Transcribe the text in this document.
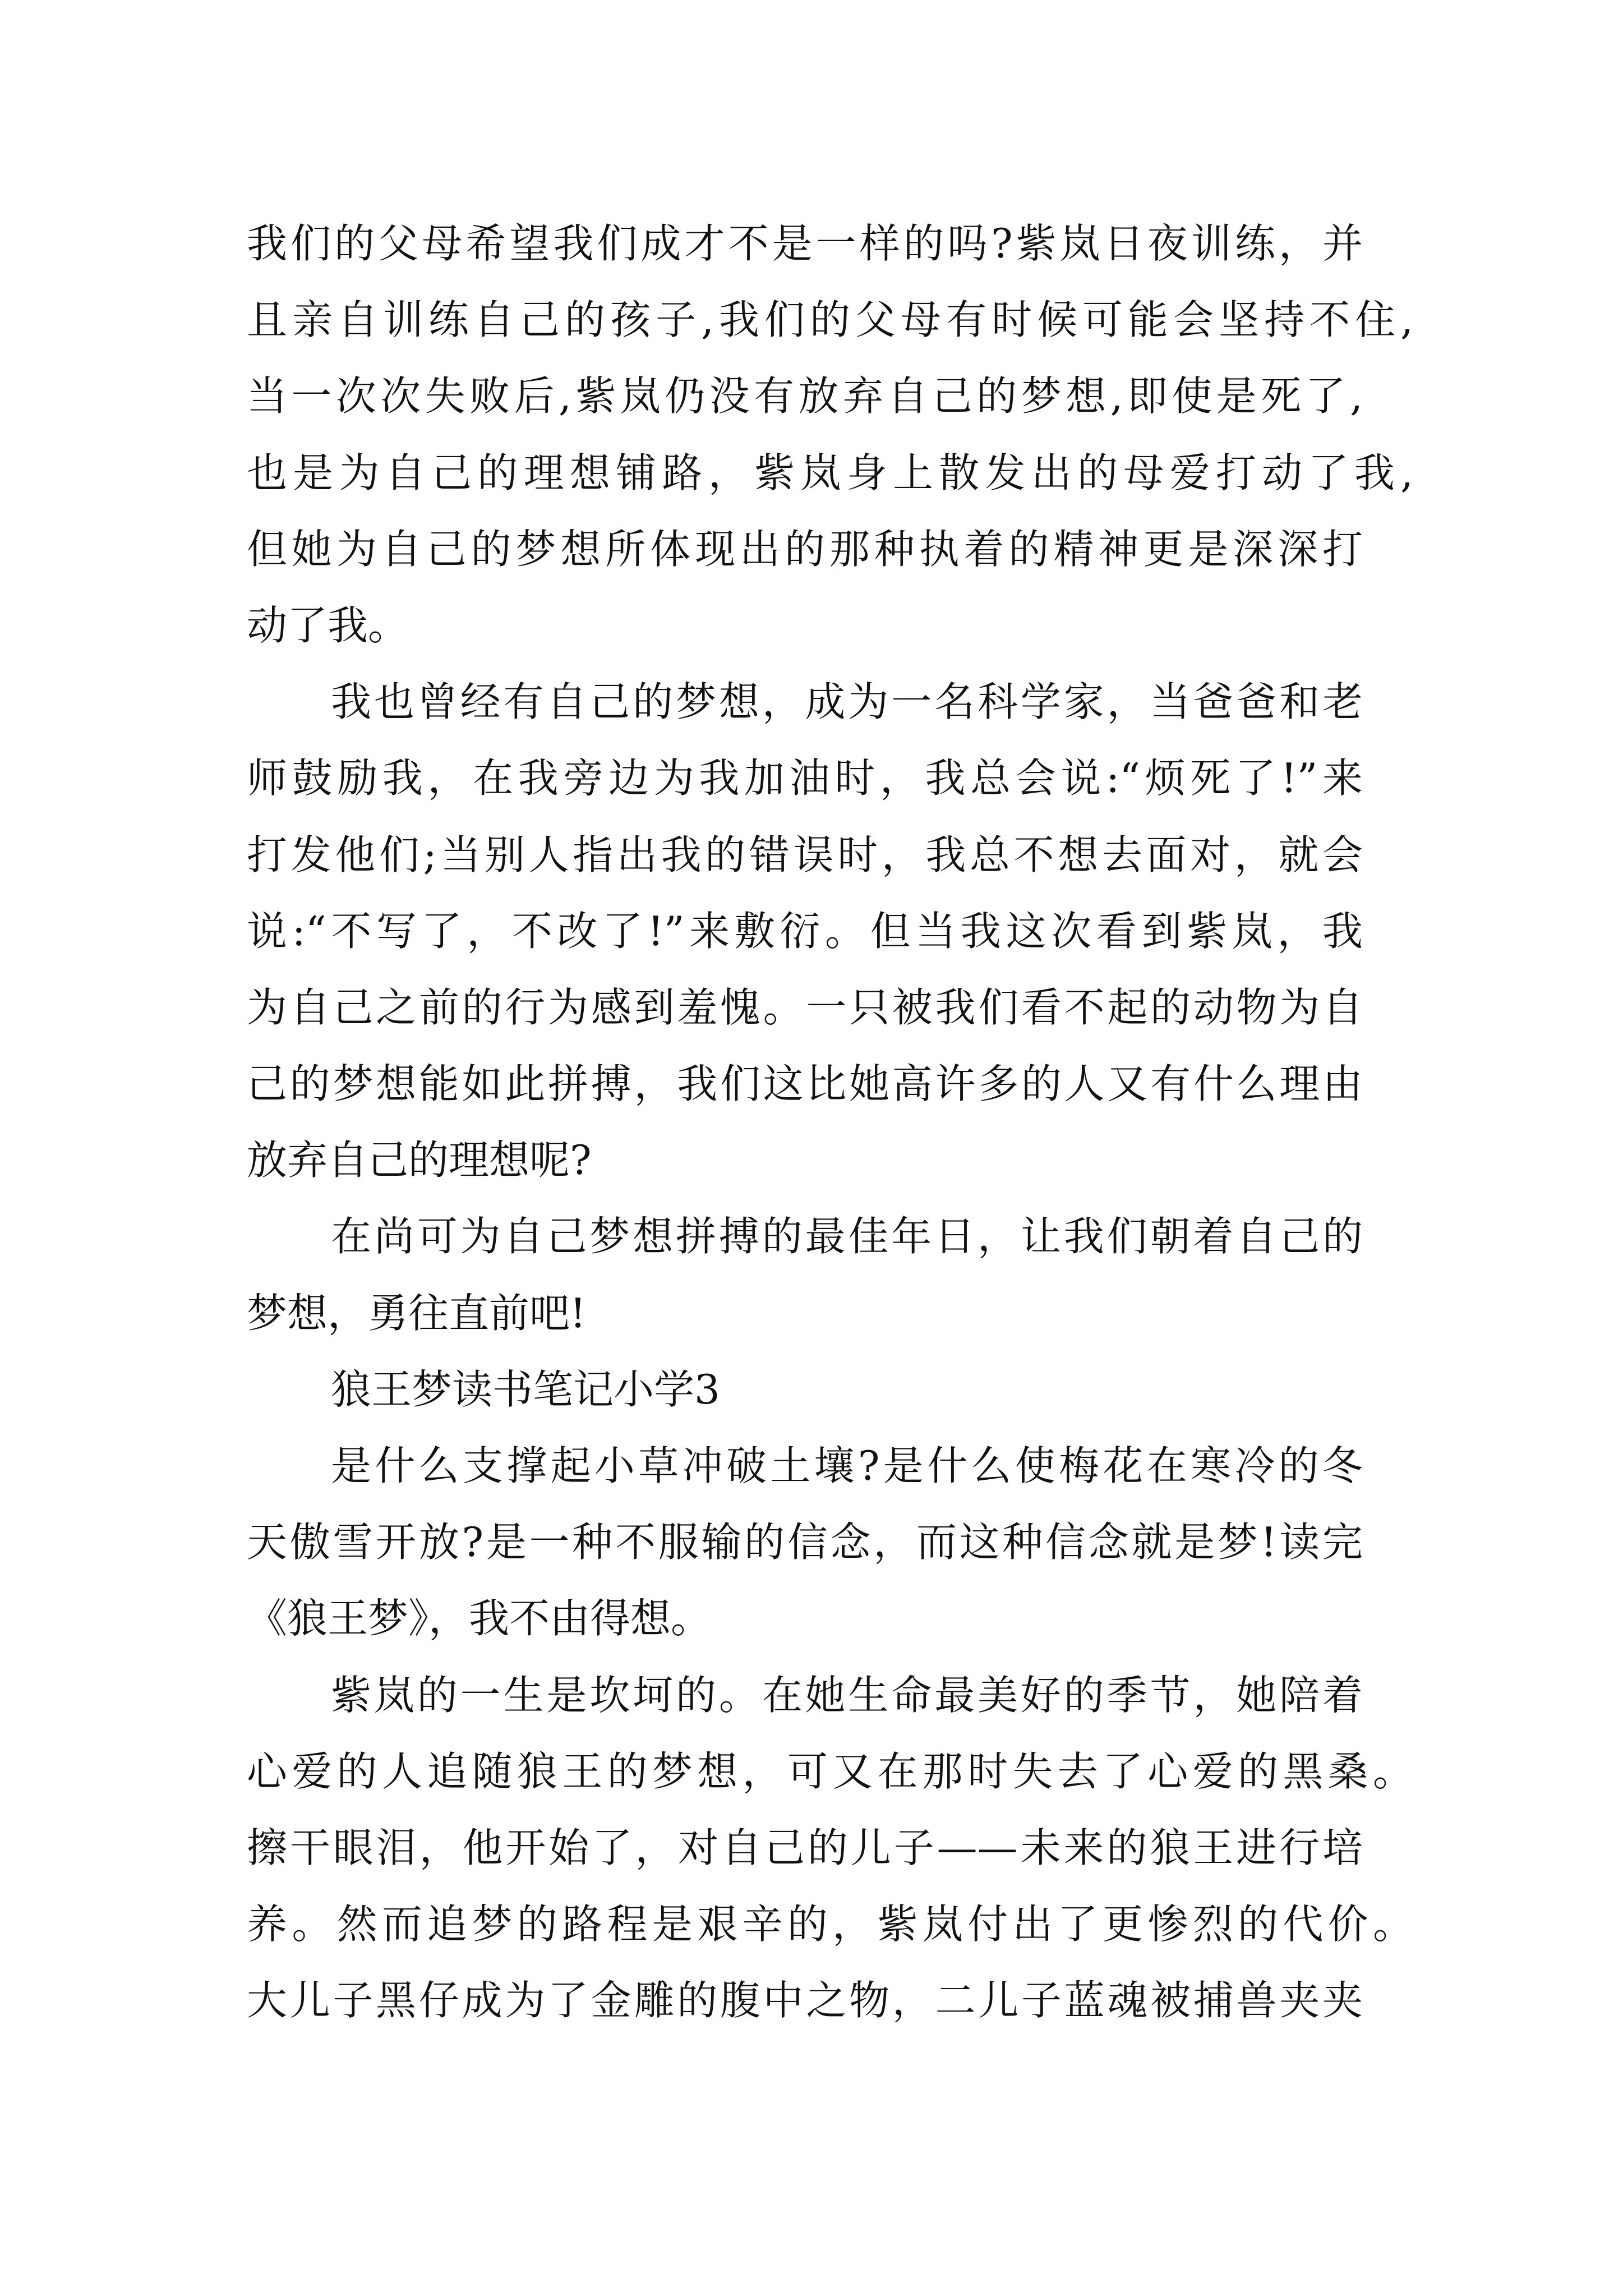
我们的父母希望我们成才不是一样的吗?紫岚日夜训练，并
且亲自训练自己的孩子,我们的父母有时候可能会坚持不住,
当一次次失败后,紫岚仍没有放弃自己的梦想,即使是死了,
也是为自己的理想铺路，紫岚身上散发出的母爱打动了我,
但她为自己的梦想所体现出的那种执着的精神更是深深打
动了我。
我也曾经有自己的梦想，成为一名科学家，当爸爸和老
师鼓励我，在我旁边为我加油时，我总会说:“烦死了!”来
打发他们;当别人指出我的错误时，我总不想去面对，就会
说:“不写了，不改了!”来敷衍。但当我这次看到紫岚，我
为自己之前的行为感到羞愧。一只被我们看不起的动物为自
己的梦想能如此拼搏，我们这比她高许多的人又有什么理由
放弃自己的理想呢?
在尚可为自己梦想拼搏的最佳年日，让我们朝着自己的
梦想，勇往直前吧!
狼王梦读书笔记小学3
是什么支撑起小草冲破土壤?是什么使梅花在寒冷的冬
天傲雪开放?是一种不服输的信念，而这种信念就是梦!读完
《狼王梦》，我不由得想。
紫岚的一生是坎坷的。在她生命最美好的季节，她陪着
心爱的人追随狼王的梦想，可又在那时失去了心爱的黑桑。
擦干眼泪，他开始了，对自己的儿子——未来的狼王进行培
养。然而追梦的路程是艰辛的，紫岚付出了更惨烈的代价。
大儿子黑仔成为了金雕的腹中之物，二儿子蓝魂被捕兽夹夹
